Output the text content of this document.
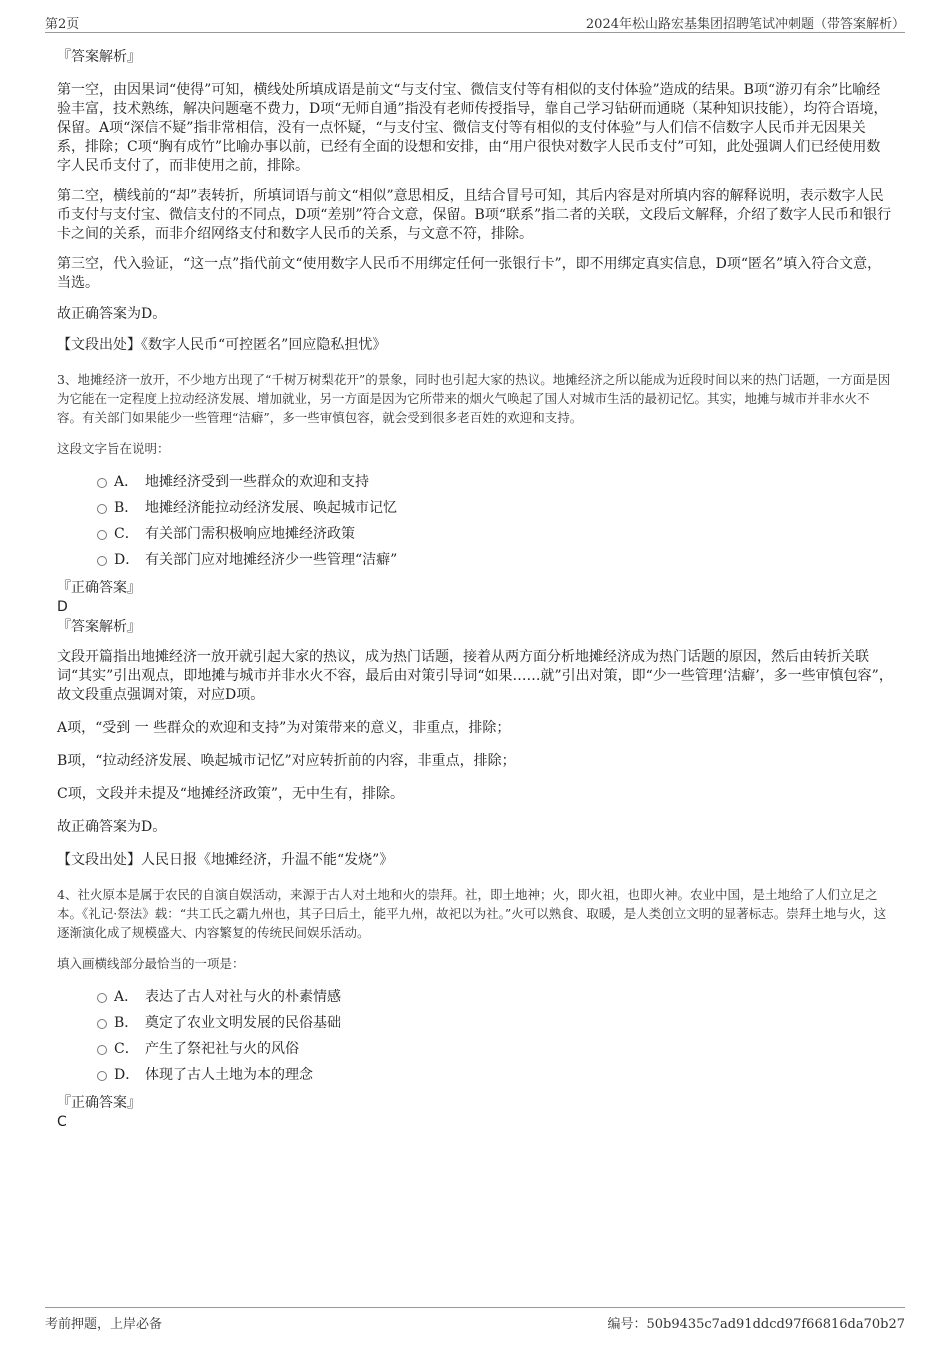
第2页	2024年松山路宏基集团招聘笔试冲刺题（带答案解析）

『答案解析』

第一空，由因果词“使得”可知，横线处所填成语是前文“与支付宝、微信支付等有相似的支付体验”造成的结果。B项“游刃有余”比喻经验丰富，技术熟练，解决问题毫不费力，D项“无师自通”指没有老师传授指导，靠自己学习钻研而通晓（某种知识技能），均符合语境，保留。A项“深信不疑”指非常相信，没有一点怀疑，“与支付宝、微信支付等有相似的支付体验”与人们信不信数字人民币并无因果关系，排除；C项“胸有成竹”比喻办事以前，已经有全面的设想和安排，由“用户很快对数字人民币支付”可知，此处强调人们已经使用数字人民币支付了，而非使用之前，排除。

第二空，横线前的“却”表转折，所填词语与前文“相似”意思相反，且结合冒号可知，其后内容是对所填内容的解释说明，表示数字人民币支付与支付宝、微信支付的不同点，D项“差别”符合文意，保留。B项“联系”指二者的关联，文段后文解释，介绍了数字人民币和银行卡之间的关系，而非介绍网络支付和数字人民币的关系，与文意不符，排除。

第三空，代入验证，“这一点”指代前文“使用数字人民币不用绑定任何一张银行卡”，即不用绑定真实信息，D项“匿名”填入符合文意，当选。

故正确答案为D。

【文段出处】《数字人民币“可控匿名”回应隐私担忧》

3、地摊经济一放开，不少地方出现了“千树万树梨花开”的景象，同时也引起大家的热议。地摊经济之所以能成为近段时间以来的热门话题，一方面是因为它能在一定程度上拉动经济发展、增加就业，另一方面是因为它所带来的烟火气唤起了国人对城市生活的最初记忆。其实，地摊与城市并非水火不容。有关部门如果能少一些管理“洁癖”，多一些审慎包容，就会受到很多老百姓的欢迎和支持。

这段文字旨在说明：

A． 地摊经济受到一些群众的欢迎和支持
B． 地摊经济能拉动经济发展、唤起城市记忆
C． 有关部门需积极响应地摊经济政策
D． 有关部门应对地摊经济少一些管理“洁癖”

『正确答案』

D

『答案解析』

文段开篇指出地摊经济一放开就引起大家的热议，成为热门话题，接着从两方面分析地摊经济成为热门话题的原因，然后由转折关联词“其实”引出观点，即地摊与城市并非水火不容，最后由对策引导词“如果……就”引出对策，即“少一些管理‘洁癖’，多一些审慎包容”，故文段重点强调对策，对应D项。

A项，“受到 一 些群众的欢迎和支持”为对策带来的意义，非重点，排除；

B项，“拉动经济发展、唤起城市记忆”对应转折前的内容，非重点，排除；

C项，文段并未提及“地摊经济政策”，无中生有，排除。

故正确答案为D。

【文段出处】人民日报《地摊经济，升温不能“发烧”》

4、社火原本是属于农民的自演自娱活动，来源于古人对土地和火的崇拜。社，即土地神；火，即火祖，也即火神。农业中国，是土地给了人们立足之本。《礼记·祭法》载：“共工氏之霸九州也，其子曰后土，能平九州，故祀以为社。”火可以熟食、取暖，是人类创立文明的显著标志。崇拜土地与火，这逐渐演化成了规模盛大、内容繁复的传统民间娱乐活动。

填入画横线部分最恰当的一项是：

A． 表达了古人对社与火的朴素情感
B． 奠定了农业文明发展的民俗基础
C． 产生了祭祀社与火的风俗
D． 体现了古人土地为本的理念

『正确答案』

C

考前押题，上岸必备	编号：50b9435c7ad91ddcd97f66816da70b27
